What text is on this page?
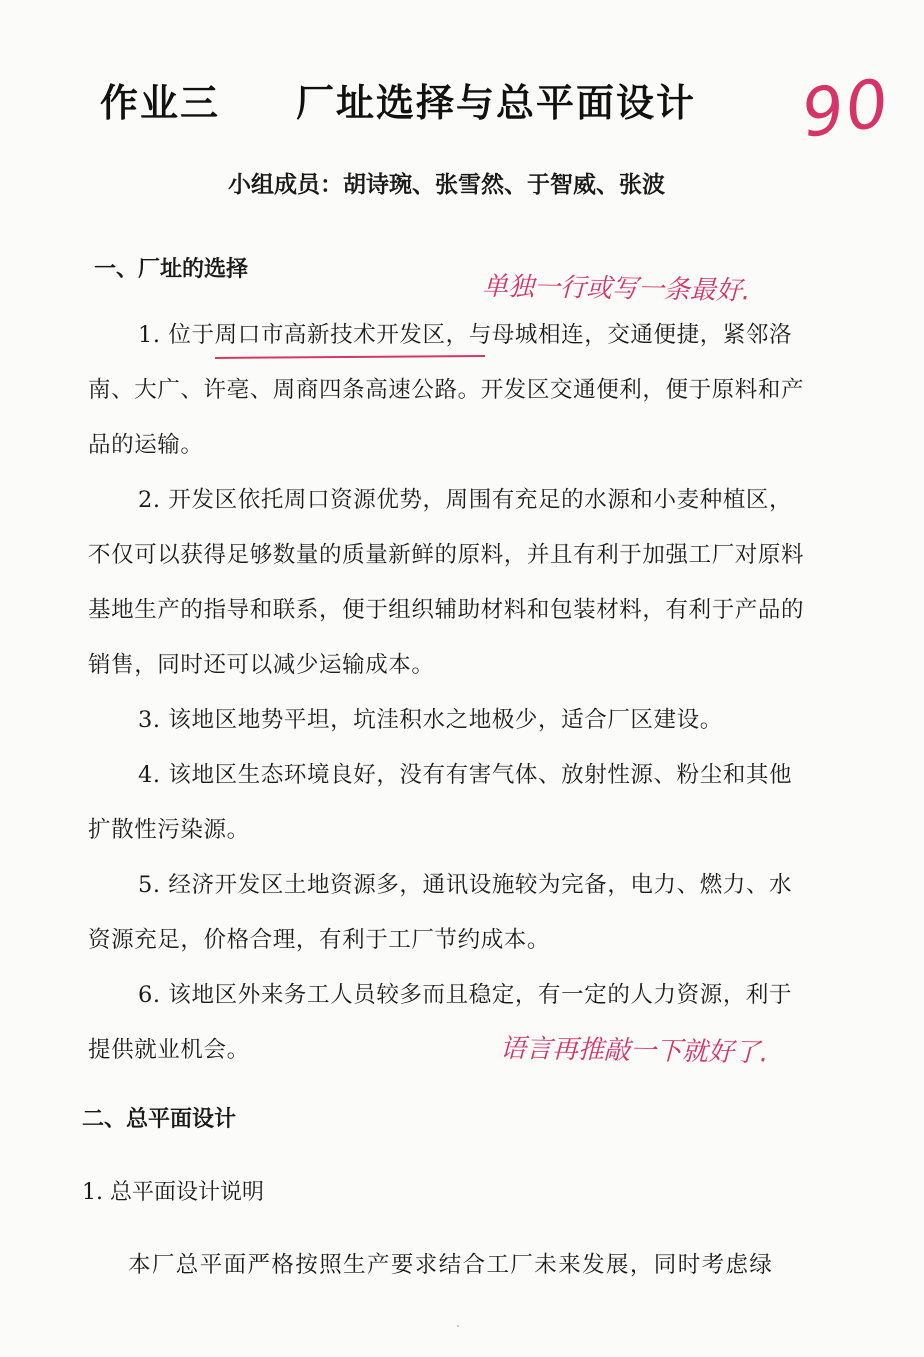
作业三 厂址选择与总平面设计
小组成员：胡诗琬、张雪然、于智威、张波
一、厂址的选择

1. 位于周口市高新技术开发区，与母城相连，交通便捷，紧邻洛南、大广、许亳、周商四条高速公路。开发区交通便利，便于原料和产品的运输。

2. 开发区依托周口资源优势，周围有充足的水源和小麦种植区，不仅可以获得足够数量的质量新鲜的原料，并且有利于加强工厂对原料基地生产的指导和联系，便于组织辅助材料和包装材料，有利于产品的销售，同时还可以减少运输成本。

3. 该地区地势平坦，坑洼积水之地极少，适合厂区建设。

4. 该地区生态环境良好，没有有害气体、放射性源、粉尘和其他扩散性污染源。

5. 经济开发区土地资源多，通讯设施较为完备，电力、燃力、水资源充足，价格合理，有利于工厂节约成本。

6. 该地区外来务工人员较多而且稳定，有一定的人力资源，利于提供就业机会。

二、总平面设计
1. 总平面设计说明
本厂总平面严格按照生产要求结合工厂未来发展，同时考虑绿
90
单独一行或写一条最好.
语言再推敲一下就好了.
